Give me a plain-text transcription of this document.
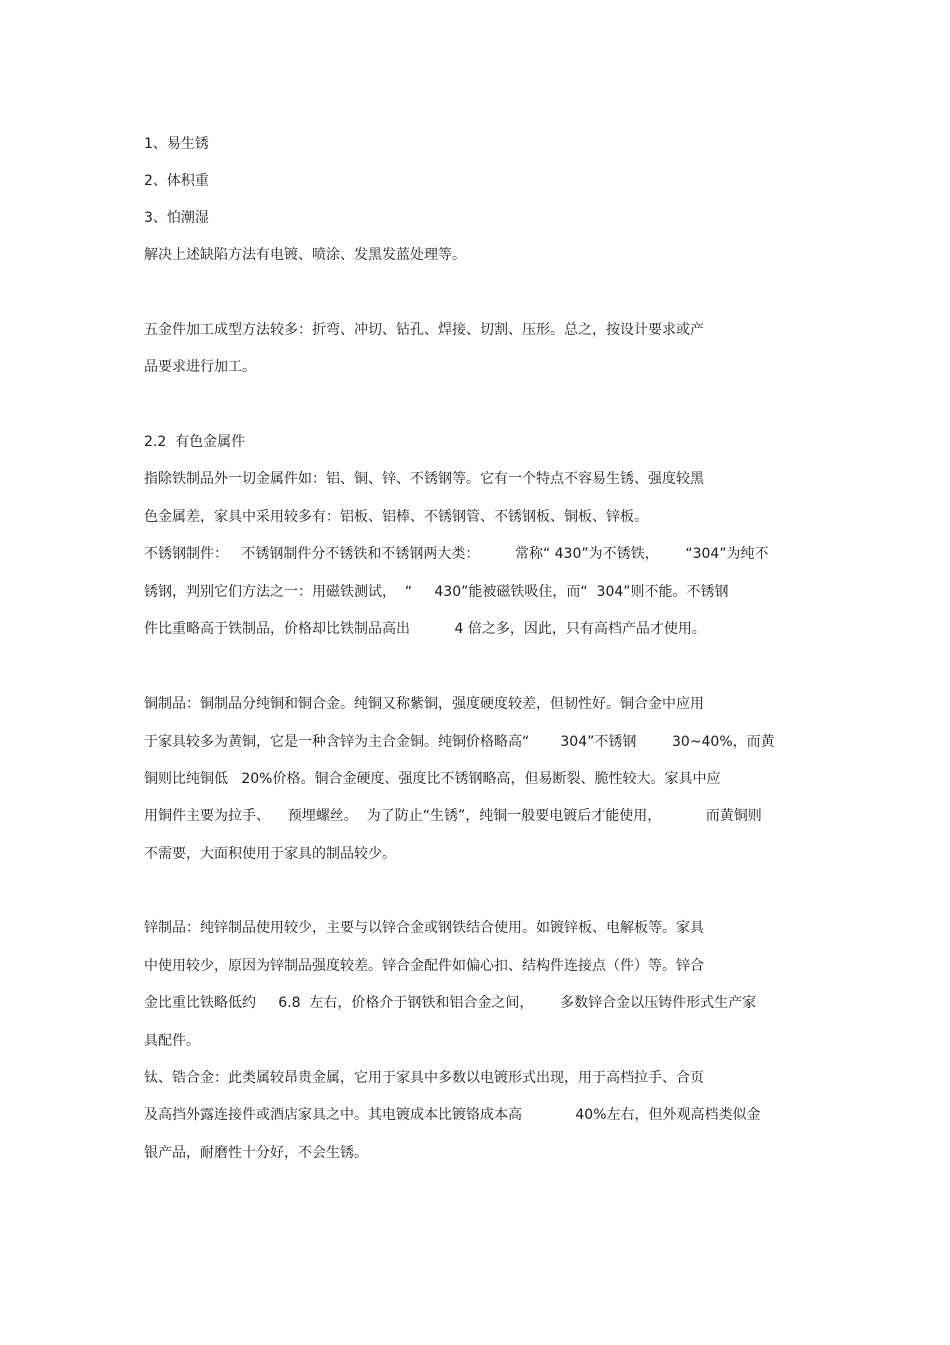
1、易生锈
2、体积重
3、怕潮湿
解决上述缺陷方法有电镀、喷涂、发黑发蓝处理等。
五金件加工成型方法较多：折弯、冲切、钻孔、焊接、切割、压形。总之，按设计要求或产
品要求进行加工。
2.2  有色金属件
指除铁制品外一切金属件如：铝、铜、锌、不锈钢等。它有一个特点不容易生锈、强度较黑
色金属差，家具中采用较多有：铝板、铝棒、不锈钢管、不锈钢板、铜板、锌板。
不锈钢制件：   不锈钢制件分不锈铁和不锈钢两大类：        常称“ 430”为不锈铁，      “304”为纯不
锈钢，判别它们方法之一：用磁铁测试，  “     430”能被磁铁吸住，而“  304”则不能。不锈钢
件比重略高于铁制品，价格却比铁制品高出          4 倍之多，因此，只有高档产品才使用。
铜制品：铜制品分纯铜和铜合金。纯铜又称紫铜，强度硬度较差，但韧性好。铜合金中应用
于家具较多为黄铜，它是一种含锌为主合金铜。纯铜价格略高“       304”不锈钢        30~40%，而黄
铜则比纯铜低   20%价格。铜合金硬度、强度比不锈钢略高，但易断裂、脆性较大。家具中应
用铜件主要为拉手、    预埋螺丝。  为了防止“生锈”，纯铜一般要电镀后才能使用，          而黄铜则
不需要，大面积使用于家具的制品较少。
锌制品：纯锌制品使用较少，主要与以锌合金或钢铁结合使用。如镀锌板、电解板等。家具
中使用较少，原因为锌制品强度较差。锌合金配件如偏心扣、结构件连接点（件）等。锌合
金比重比铁略低约     6.8  左右，价格介于钢铁和铝合金之间，      多数锌合金以压铸件形式生产家
具配件。
钛、锆合金：此类属较昂贵金属，它用于家具中多数以电镀形式出现，用于高档拉手、合页
及高挡外露连接件或酒店家具之中。其电镀成本比镀铬成本高            40%左右，但外观高档类似金
银产品，耐磨性十分好，不会生锈。
